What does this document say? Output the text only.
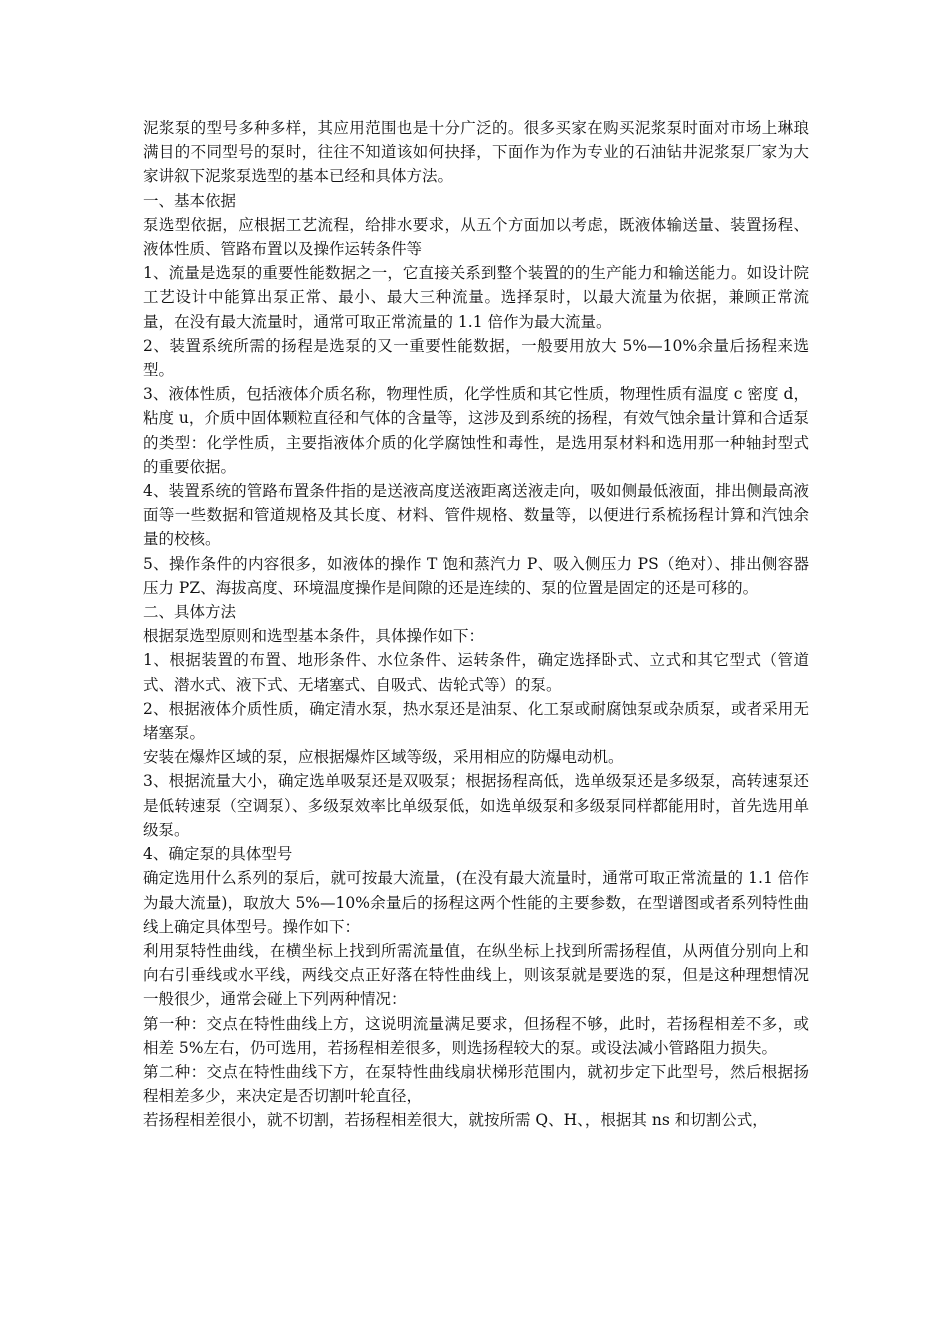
泥浆泵的型号多种多样，其应用范围也是十分广泛的。很多买家在购买泥浆泵时面对市场上琳琅满目的不同型号的泵时，往往不知道该如何抉择，下面作为作为专业的石油钻井泥浆泵厂家为大家讲叙下泥浆泵选型的基本已经和具体方法。

一、基本依据

泵选型依据，应根据工艺流程，给排水要求，从五个方面加以考虑，既液体输送量、装置扬程、液体性质、管路布置以及操作运转条件等

1、流量是选泵的重要性能数据之一，它直接关系到整个装置的的生产能力和输送能力。如设计院工艺设计中能算出泵正常、最小、最大三种流量。选择泵时，以最大流量为依据，兼顾正常流量，在没有最大流量时，通常可取正常流量的 1.1 倍作为最大流量。

2、装置系统所需的扬程是选泵的又一重要性能数据，一般要用放大 5%—10%余量后扬程来选型。

3、液体性质，包括液体介质名称，物理性质，化学性质和其它性质，物理性质有温度 c 密度 d，粘度 u，介质中固体颗粒直径和气体的含量等，这涉及到系统的扬程，有效气蚀余量计算和合适泵的类型：化学性质，主要指液体介质的化学腐蚀性和毒性，是选用泵材料和选用那一种轴封型式的重要依据。

4、装置系统的管路布置条件指的是送液高度送液距离送液走向，吸如侧最低液面，排出侧最高液面等一些数据和管道规格及其长度、材料、管件规格、数量等，以便进行系梳扬程计算和汽蚀余量的校核。

5、操作条件的内容很多，如液体的操作 T 饱和蒸汽力 P、吸入侧压力 PS（绝对）、排出侧容器压力 PZ、海拔高度、环境温度操作是间隙的还是连续的、泵的位置是固定的还是可移的。

二、具体方法

根据泵选型原则和选型基本条件，具体操作如下：

1、根据装置的布置、地形条件、水位条件、运转条件，确定选择卧式、立式和其它型式（管道式、潜水式、液下式、无堵塞式、自吸式、齿轮式等）的泵。

2、根据液体介质性质，确定清水泵，热水泵还是油泵、化工泵或耐腐蚀泵或杂质泵，或者采用无堵塞泵。

安装在爆炸区域的泵，应根据爆炸区域等级，采用相应的防爆电动机。

3、根据流量大小，确定选单吸泵还是双吸泵；根据扬程高低，选单级泵还是多级泵，高转速泵还是低转速泵（空调泵）、多级泵效率比单级泵低，如选单级泵和多级泵同样都能用时，首先选用单级泵。

4、确定泵的具体型号

确定选用什么系列的泵后，就可按最大流量，(在没有最大流量时，通常可取正常流量的 1.1 倍作为最大流量)，取放大 5%—10%余量后的扬程这两个性能的主要参数，在型谱图或者系列特性曲线上确定具体型号。操作如下：

利用泵特性曲线，在横坐标上找到所需流量值，在纵坐标上找到所需扬程值，从两值分别向上和向右引垂线或水平线，两线交点正好落在特性曲线上，则该泵就是要选的泵，但是这种理想情况一般很少，通常会碰上下列两种情况：

第一种：交点在特性曲线上方，这说明流量满足要求，但扬程不够，此时，若扬程相差不多，或相差 5%左右，仍可选用，若扬程相差很多，则选扬程较大的泵。或设法减小管路阻力损失。

第二种：交点在特性曲线下方，在泵特性曲线扇状梯形范围内，就初步定下此型号，然后根据扬程相差多少，来决定是否切割叶轮直径，

若扬程相差很小，就不切割，若扬程相差很大，就按所需 Q、H、，根据其 ns 和切割公式，
